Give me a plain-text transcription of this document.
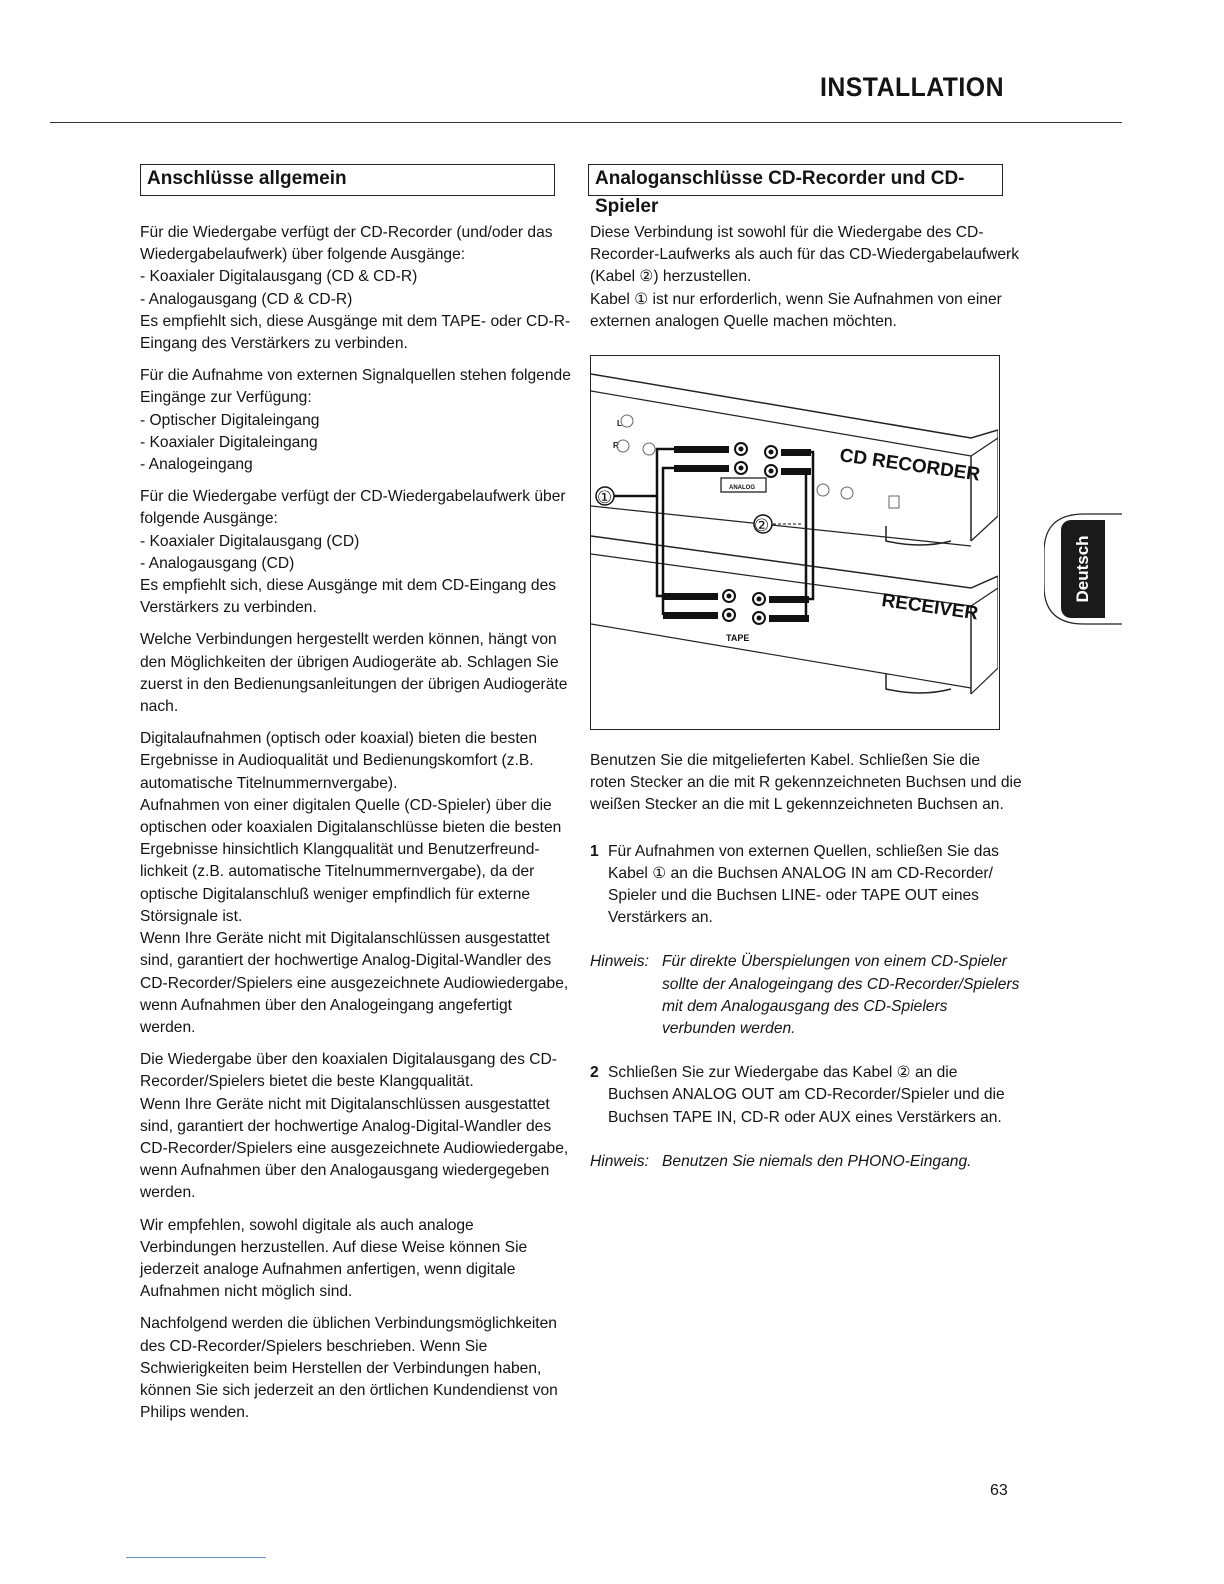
INSTALLATION
Anschlüsse allgemein

Für die Wiedergabe verfügt der CD-Recorder (und/oder das
Wiedergabelaufwerk) über folgende Ausgänge:
- Koaxialer Digitalausgang (CD & CD-R)
- Analogausgang (CD & CD-R)
Es empfiehlt sich, diese Ausgänge mit dem TAPE- oder CD-R-
Eingang des Verstärkers zu verbinden.

Für die Aufnahme von externen Signalquellen stehen folgende
Eingänge zur Verfügung:
- Optischer Digitaleingang
- Koaxialer Digitaleingang
- Analogeingang

Für die Wiedergabe verfügt der CD-Wiedergabelaufwerk über
folgende Ausgänge:
- Koaxialer Digitalausgang (CD)
- Analogausgang (CD)
Es empfiehlt sich, diese Ausgänge mit dem CD-Eingang des
Verstärkers zu verbinden.

Welche Verbindungen hergestellt werden können, hängt von
den Möglichkeiten der übrigen Audiogeräte ab. Schlagen Sie
zuerst in den Bedienungsanleitungen der übrigen Audiogeräte
nach.

Digitalaufnahmen (optisch oder koaxial) bieten die besten
Ergebnisse in Audioqualität und Bedienungskomfort (z.B.
automatische Titelnummernvergabe).
Aufnahmen von einer digitalen Quelle (CD-Spieler) über die
optischen oder koaxialen Digitalanschlüsse bieten die besten
Ergebnisse hinsichtlich Klangqualität und Benutzerfreund-
lichkeit (z.B. automatische Titelnummernvergabe), da der
optische Digitalanschluß weniger empfindlich für externe
Störsignale ist.
Wenn Ihre Geräte nicht mit Digitalanschlüssen ausgestattet
sind, garantiert der hochwertige Analog-Digital-Wandler des
CD-Recorder/Spielers eine ausgezeichnete Audiowiedergabe,
wenn Aufnahmen über den Analogeingang angefertigt
werden.

Die Wiedergabe über den koaxialen Digitalausgang des CD-
Recorder/Spielers bietet die beste Klangqualität.
Wenn Ihre Geräte nicht mit Digitalanschlüssen ausgestattet
sind, garantiert der hochwertige Analog-Digital-Wandler des
CD-Recorder/Spielers eine ausgezeichnete Audiowiedergabe,
wenn Aufnahmen über den Analogausgang wiedergegeben
werden.

Wir empfehlen, sowohl digitale als auch analoge
Verbindungen herzustellen. Auf diese Weise können Sie
jederzeit analoge Aufnahmen anfertigen, wenn digitale
Aufnahmen nicht möglich sind.

Nachfolgend werden die üblichen Verbindungsmöglichkeiten
des CD-Recorder/Spielers beschrieben. Wenn Sie
Schwierigkeiten beim Herstellen der Verbindungen haben,
können Sie sich jederzeit an den örtlichen Kundendienst von
Philips wenden.

Analoganschlüsse CD-Recorder und CD-Spieler

Diese Verbindung ist sowohl für die Wiedergabe des CD-
Recorder-Laufwerks als auch für das CD-Wiedergabelaufwerk
(Kabel ②) herzustellen.
Kabel ① ist nur erforderlich, wenn Sie Aufnahmen von einer
externen analogen Quelle machen möchten.

CD RECORDER
RECEIVER
ANALOG
L
R
TAPE
①
②

Benutzen Sie die mitgelieferten Kabel. Schließen Sie die
roten Stecker an die mit R gekennzeichneten Buchsen und die
weißen Stecker an die mit L gekennzeichneten Buchsen an.

1 Für Aufnahmen von externen Quellen, schließen Sie das
Kabel ① an die Buchsen ANALOG IN am CD-Recorder/
Spieler und die Buchsen LINE- oder TAPE OUT eines
Verstärkers an.
Hinweis: Für direkte Überspielungen von einem CD-Spieler
sollte der Analogeingang des CD-Recorder/Spielers
mit dem Analogausgang des CD-Spielers
verbunden werden.
2 Schließen Sie zur Wiedergabe das Kabel ② an die
Buchsen ANALOG OUT am CD-Recorder/Spieler und die
Buchsen TAPE IN, CD-R oder AUX eines Verstärkers an.
Hinweis: Benutzen Sie niemals den PHONO-Eingang.
Deutsch
63
